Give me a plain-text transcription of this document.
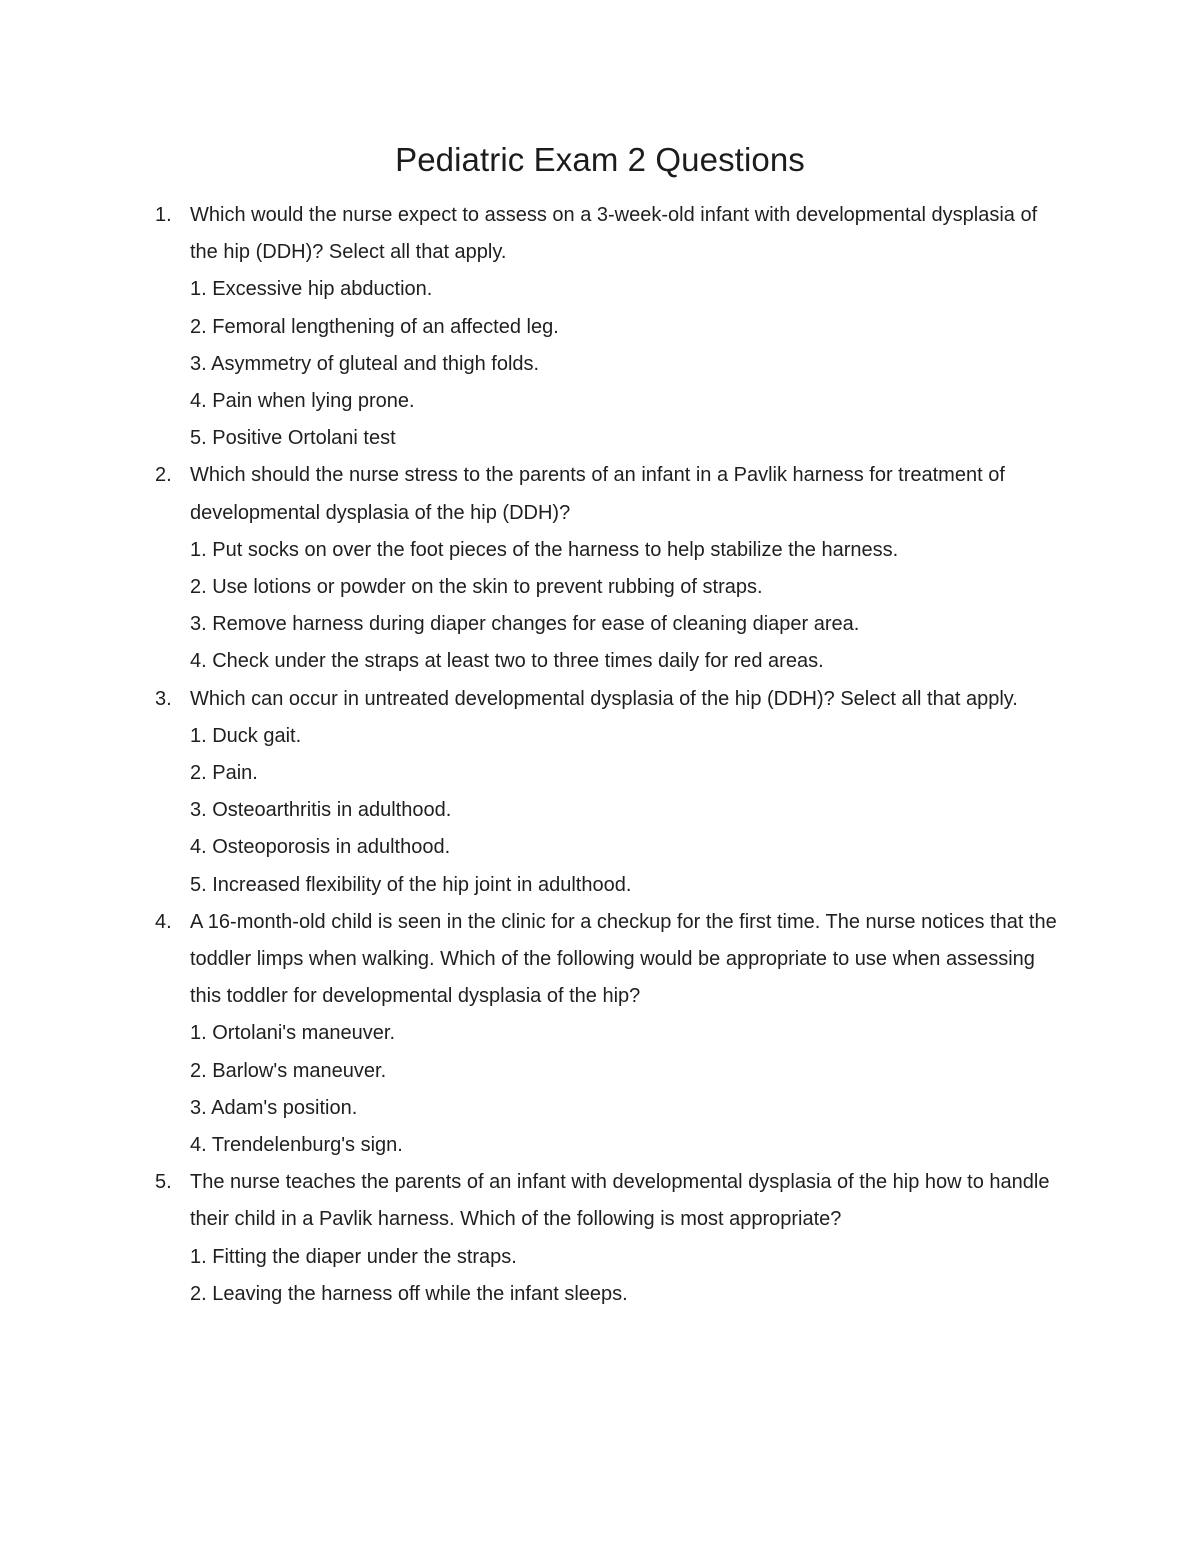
Pediatric Exam 2 Questions
1. Which would the nurse expect to assess on a 3-week-old infant with developmental dysplasia of the hip (DDH)? Select all that apply.

1. Excessive hip abduction.
2. Femoral lengthening of an affected leg.
3. Asymmetry of gluteal and thigh folds.
4. Pain when lying prone.
5. Positive Ortolani test
2. Which should the nurse stress to the parents of an infant in a Pavlik harness for treatment of developmental dysplasia of the hip (DDH)?

1. Put socks on over the foot pieces of the harness to help stabilize the harness.
2. Use lotions or powder on the skin to prevent rubbing of straps.
3. Remove harness during diaper changes for ease of cleaning diaper area.
4. Check under the straps at least two to three times daily for red areas.
3. Which can occur in untreated developmental dysplasia of the hip (DDH)? Select all that apply.

1. Duck gait.
2. Pain.
3. Osteoarthritis in adulthood.
4. Osteoporosis in adulthood.
5. Increased flexibility of the hip joint in adulthood.
4. A 16-month-old child is seen in the clinic for a checkup for the first time. The nurse notices that the toddler limps when walking. Which of the following would be appropriate to use when assessing this toddler for developmental dysplasia of the hip?

1. Ortolani's maneuver.
2. Barlow's maneuver.
3. Adam's position.
4. Trendelenburg's sign.
5. The nurse teaches the parents of an infant with developmental dysplasia of the hip how to handle their child in a Pavlik harness. Which of the following is most appropriate?

1. Fitting the diaper under the straps.
2. Leaving the harness off while the infant sleeps.
